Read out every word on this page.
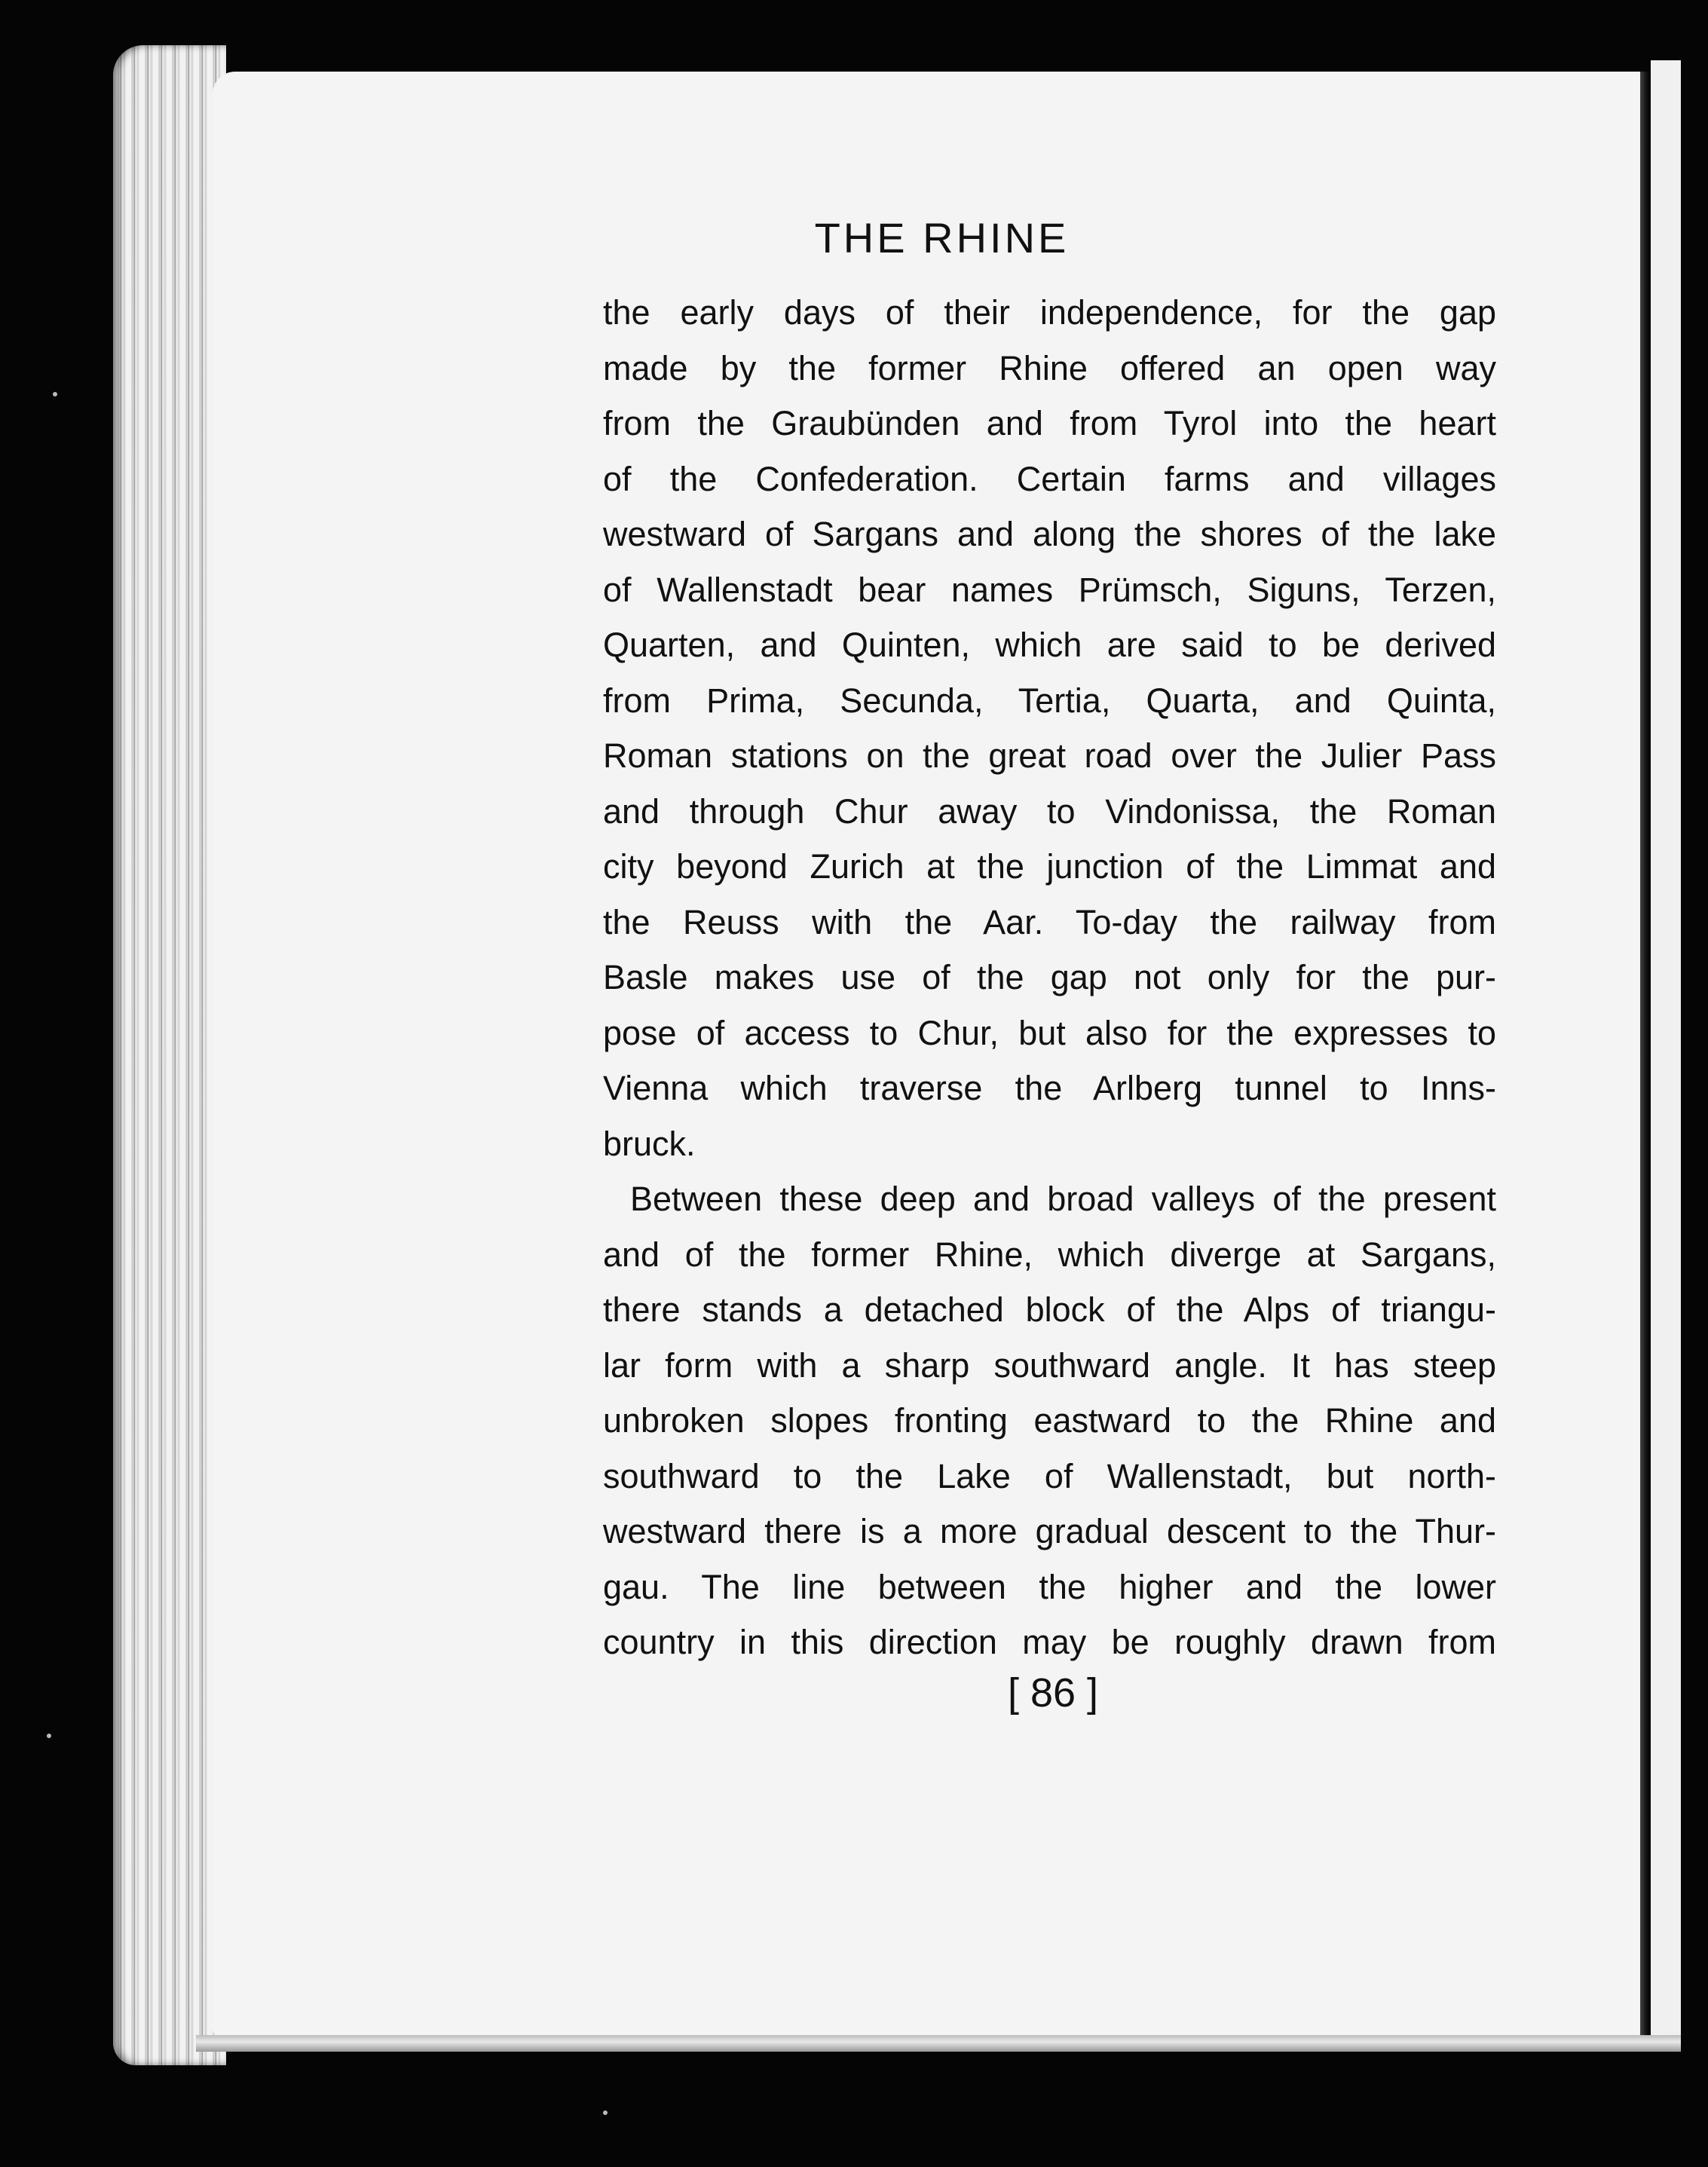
THE RHINE
the early days of their independence, for the gap
made by the former Rhine offered an open way
from the Graubünden and from Tyrol into the heart
of the Confederation. Certain farms and villages
westward of Sargans and along the shores of the lake
of Wallenstadt bear names Prümsch, Siguns, Terzen,
Quarten, and Quinten, which are said to be derived
from Prima, Secunda, Tertia, Quarta, and Quinta,
Roman stations on the great road over the Julier Pass
and through Chur away to Vindonissa, the Roman
city beyond Zurich at the junction of the Limmat and
the Reuss with the Aar. To-day the railway from
Basle makes use of the gap not only for the pur-
pose of access to Chur, but also for the expresses to
Vienna which traverse the Arlberg tunnel to Inns-
bruck.
Between these deep and broad valleys of the present
and of the former Rhine, which diverge at Sargans,
there stands a detached block of the Alps of triangu-
lar form with a sharp southward angle. It has steep
unbroken slopes fronting eastward to the Rhine and
southward to the Lake of Wallenstadt, but north-
westward there is a more gradual descent to the Thur-
gau. The line between the higher and the lower
country in this direction may be roughly drawn from
[ 86 ]
